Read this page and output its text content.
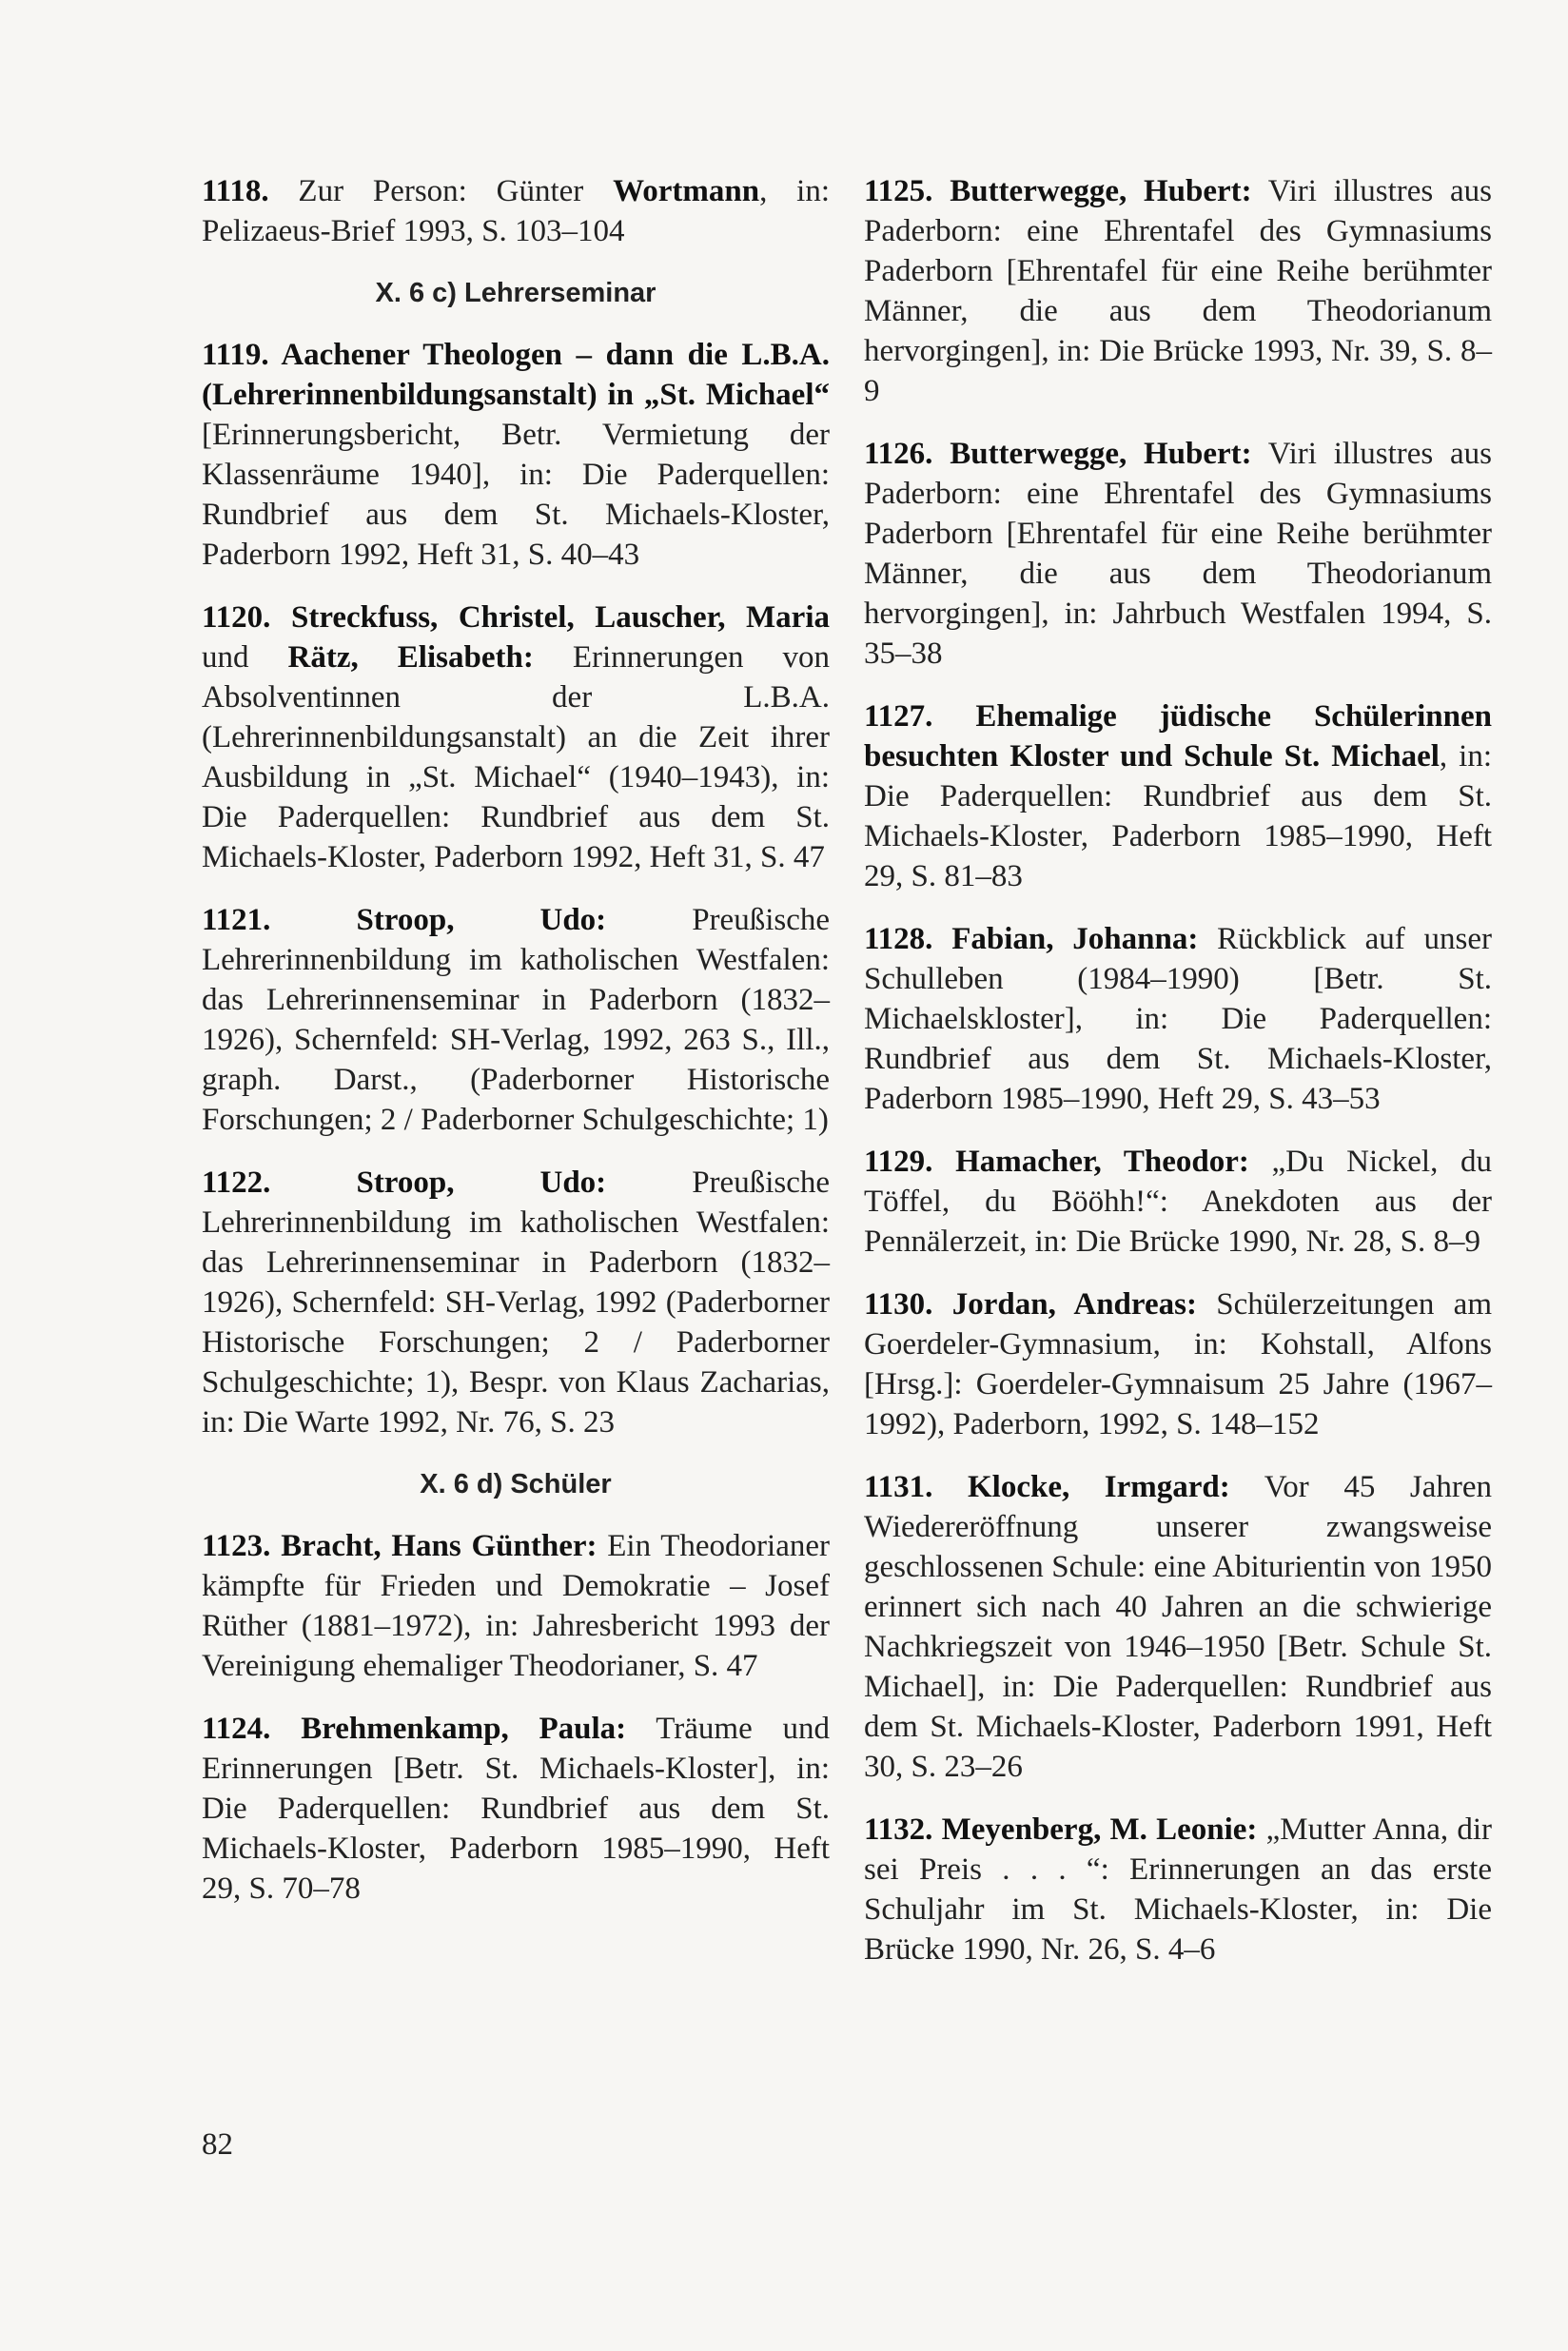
1118. Zur Person: Günter Wortmann, in: Pelizaeus-Brief 1993, S. 103–104

X. 6 c) Lehrerseminar

1119. Aachener Theologen – dann die L.B.A. (Lehrerinnenbildungsanstalt) in „St. Michael“ [Erinnerungsbericht, Betr. Vermietung der Klassenräume 1940], in: Die Paderquellen: Rundbrief aus dem St. Michaels-Kloster, Paderborn 1992, Heft 31, S. 40–43

1120. Streckfuss, Christel, Lauscher, Maria und Rätz, Elisabeth: Erinnerungen von Absolventinnen der L.B.A. (Lehrerinnenbildungsanstalt) an die Zeit ihrer Ausbildung in „St. Michael“ (1940–1943), in: Die Paderquellen: Rundbrief aus dem St. Michaels-Kloster, Paderborn 1992, Heft 31, S. 47

1121. Stroop, Udo: Preußische Lehrerinnenbildung im katholischen Westfalen: das Lehrerinnenseminar in Paderborn (1832–1926), Schernfeld: SH-Verlag, 1992, 263 S., Ill., graph. Darst., (Paderborner Historische Forschungen; 2 / Paderborner Schulgeschichte; 1)

1122. Stroop, Udo: Preußische Lehrerinnenbildung im katholischen Westfalen: das Lehrerinnenseminar in Paderborn (1832–1926), Schernfeld: SH-Verlag, 1992 (Paderborner Historische Forschungen; 2 / Paderborner Schulgeschichte; 1), Bespr. von Klaus Zacharias, in: Die Warte 1992, Nr. 76, S. 23

X. 6 d) Schüler

1123. Bracht, Hans Günther: Ein Theodorianer kämpfte für Frieden und Demokratie – Josef Rüther (1881–1972), in: Jahresbericht 1993 der Vereinigung ehemaliger Theodorianer, S. 47

1124. Brehmenkamp, Paula: Träume und Erinnerungen [Betr. St. Michaels-Kloster], in: Die Paderquellen: Rundbrief aus dem St. Michaels-Kloster, Paderborn 1985–1990, Heft 29, S. 70–78

1125. Butterwegge, Hubert: Viri illustres aus Paderborn: eine Ehrentafel des Gymnasiums Paderborn [Ehrentafel für eine Reihe berühmter Männer, die aus dem Theodorianum hervorgingen], in: Die Brücke 1993, Nr. 39, S. 8–9

1126. Butterwegge, Hubert: Viri illustres aus Paderborn: eine Ehrentafel des Gymnasiums Paderborn [Ehrentafel für eine Reihe berühmter Männer, die aus dem Theodorianum hervorgingen], in: Jahrbuch Westfalen 1994, S. 35–38

1127. Ehemalige jüdische Schülerinnen besuchten Kloster und Schule St. Michael, in: Die Paderquellen: Rundbrief aus dem St. Michaels-Kloster, Paderborn 1985–1990, Heft 29, S. 81–83

1128. Fabian, Johanna: Rückblick auf unser Schulleben (1984–1990) [Betr. St. Michaelskloster], in: Die Paderquellen: Rundbrief aus dem St. Michaels-Kloster, Paderborn 1985–1990, Heft 29, S. 43–53

1129. Hamacher, Theodor: „Du Nickel, du Töffel, du Bööhh!“: Anekdoten aus der Pennälerzeit, in: Die Brücke 1990, Nr. 28, S. 8–9

1130. Jordan, Andreas: Schülerzeitungen am Goerdeler-Gymnasium, in: Kohstall, Alfons [Hrsg.]: Goerdeler-Gymnaisum 25 Jahre (1967–1992), Paderborn, 1992, S. 148–152

1131. Klocke, Irmgard: Vor 45 Jahren Wiedereröffnung unserer zwangsweise geschlossenen Schule: eine Abiturientin von 1950 erinnert sich nach 40 Jahren an die schwierige Nachkriegszeit von 1946–1950 [Betr. Schule St. Michael], in: Die Paderquellen: Rundbrief aus dem St. Michaels-Kloster, Paderborn 1991, Heft 30, S. 23–26

1132. Meyenberg, M. Leonie: „Mutter Anna, dir sei Preis . . . “: Erinnerungen an das erste Schuljahr im St. Michaels-Kloster, in: Die Brücke 1990, Nr. 26, S. 4–6

82
